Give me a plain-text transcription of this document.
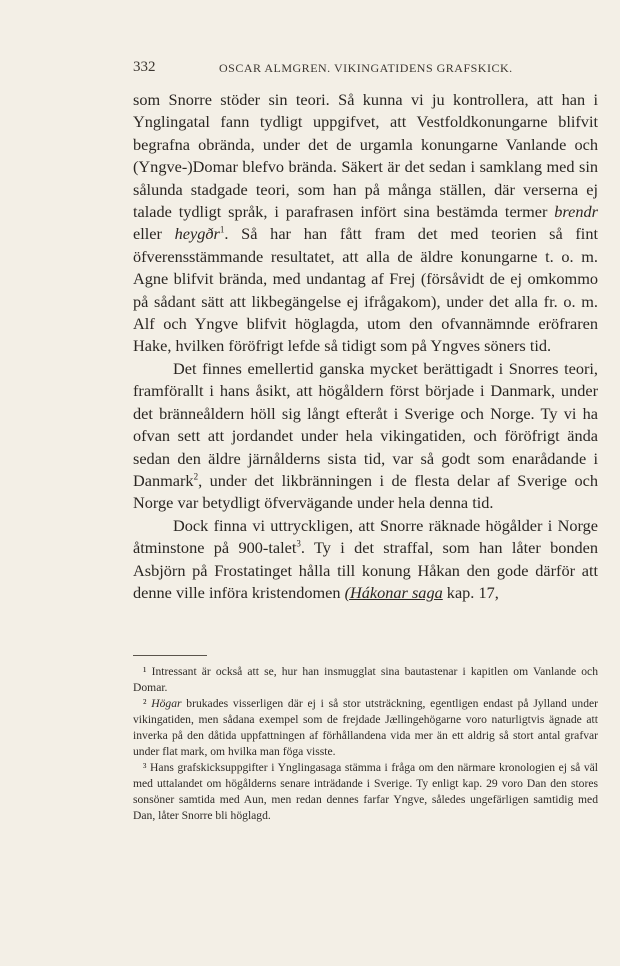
332	OSCAR ALMGREN. VIKINGATIDENS GRAFSKICK.

som Snorre stöder sin teori. Så kunna vi ju kontrollera, att han i Ynglingatal fann tydligt uppgifvet, att Vestfoldkonungarne blifvit begrafna obrända, under det de urgamla konungarne Vanlande och (Yngve-)Domar blefvo brända. Säkert är det sedan i samklang med sin sålunda stadgade teori, som han på många ställen, där verserna ej talade tydligt språk, i parafrasen infört sina bestämda termer brendr eller heygðr$^1$. Så har han fått fram det med teorien så fint öfverensstämmande resultatet, att alla de äldre konungarne t. o. m. Agne blifvit brända, med undantag af Frej (försåvidt de ej omkommo på sådant sätt att likbegängelse ej ifrågakom), under det alla fr. o. m. Alf och Yngve blifvit höglagda, utom den ofvannämnde eröfraren Hake, hvilken föröfrigt lefde så tidigt som på Yngves söners tid.

Det finnes emellertid ganska mycket berättigadt i Snorres teori, framförallt i hans åsikt, att högåldern först började i Danmark, under det bränneåldern höll sig långt efteråt i Sverige och Norge. Ty vi ha ofvan sett att jordandet under hela vikingatiden, och föröfrigt ända sedan den äldre järnålderns sista tid, var så godt som enarådande i Danmark$^2$, under det likbränningen i de flesta delar af Sverige och Norge var betydligt öfvervägande under hela denna tid.

Dock finna vi uttryckligen, att Snorre räknade högålder i Norge åtminstone på 900-talet$^3$. Ty i det straffal, som han låter bonden Asbjörn på Frostatinget hålla till konung Håkan den gode därför att denne ville införa kristendomen (Hákonar saga kap. 17,

¹ Intressant är också att se, hur han insmugglat sina bautastenar i kapitlen om Vanlande och Domar.

² Högar brukades visserligen där ej i så stor utsträckning, egentligen endast på Jylland under vikingatiden, men sådana exempel som de frejdade Jællingehögarne voro naturligtvis ägnade att inverka på den dåtida uppfattningen af förhållandena vida mer än ett aldrig så stort antal grafvar under flat mark, om hvilka man föga visste.

³ Hans grafskicksuppgifter i Ynglingasaga stämma i fråga om den närmare kronologien ej så väl med uttalandet om högålderns senare inträdande i Sverige. Ty enligt kap. 29 voro Dan den stores sonsöner samtida med Aun, men redan dennes farfar Yngve, således ungefärligen samtidig med Dan, låter Snorre bli höglagd.
